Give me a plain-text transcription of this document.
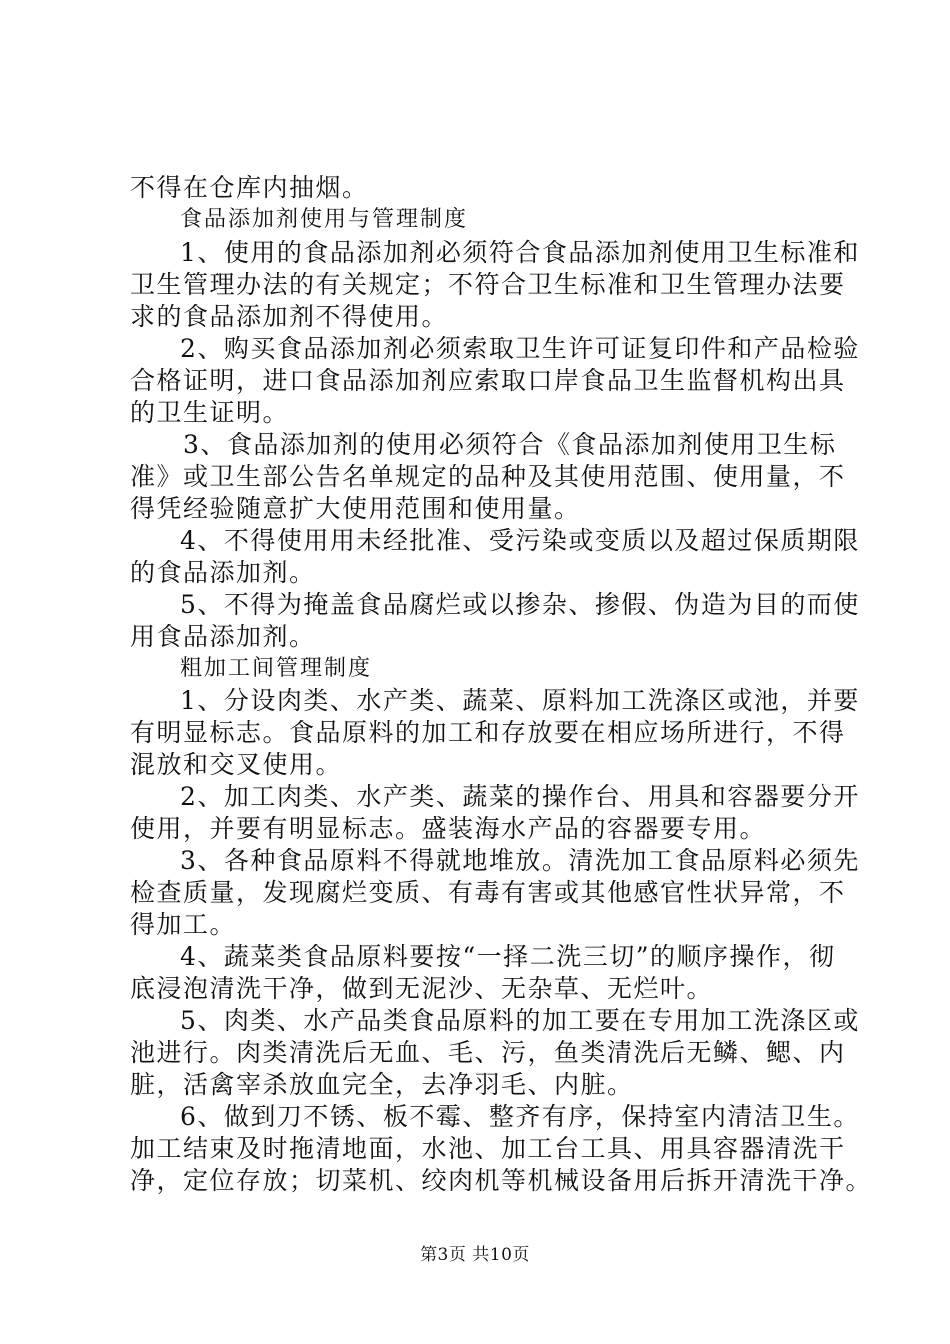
不得在仓库内抽烟。
食品添加剂使用与管理制度
1、使用的食品添加剂必须符合食品添加剂使用卫生标准和
卫生管理办法的有关规定；不符合卫生标准和卫生管理办法要
求的食品添加剂不得使用。
2、购买食品添加剂必须索取卫生许可证复印件和产品检验
合格证明，进口食品添加剂应索取口岸食品卫生监督机构出具
的卫生证明。
3、食品添加剂的使用必须符合《食品添加剂使用卫生标
准》或卫生部公告名单规定的品种及其使用范围、使用量，不
得凭经验随意扩大使用范围和使用量。
4、不得使用用未经批准、受污染或变质以及超过保质期限
的食品添加剂。
5、不得为掩盖食品腐烂或以掺杂、掺假、伪造为目的而使
用食品添加剂。
粗加工间管理制度
1、分设肉类、水产类、蔬菜、原料加工洗涤区或池，并要
有明显标志。食品原料的加工和存放要在相应场所进行，不得
混放和交叉使用。
2、加工肉类、水产类、蔬菜的操作台、用具和容器要分开
使用，并要有明显标志。盛装海水产品的容器要专用。
3、各种食品原料不得就地堆放。清洗加工食品原料必须先
检查质量，发现腐烂变质、有毒有害或其他感官性状异常，不
得加工。
4、蔬菜类食品原料要按“一择二洗三切”的顺序操作，彻
底浸泡清洗干净，做到无泥沙、无杂草、无烂叶。
5、肉类、水产品类食品原料的加工要在专用加工洗涤区或
池进行。肉类清洗后无血、毛、污，鱼类清洗后无鳞、鳃、内
脏，活禽宰杀放血完全，去净羽毛、内脏。
6、做到刀不锈、板不霉、整齐有序，保持室内清洁卫生。
加工结束及时拖清地面，水池、加工台工具、用具容器清洗干
净，定位存放；切菜机、绞肉机等机械设备用后拆开清洗干净。
第3页 共10页
